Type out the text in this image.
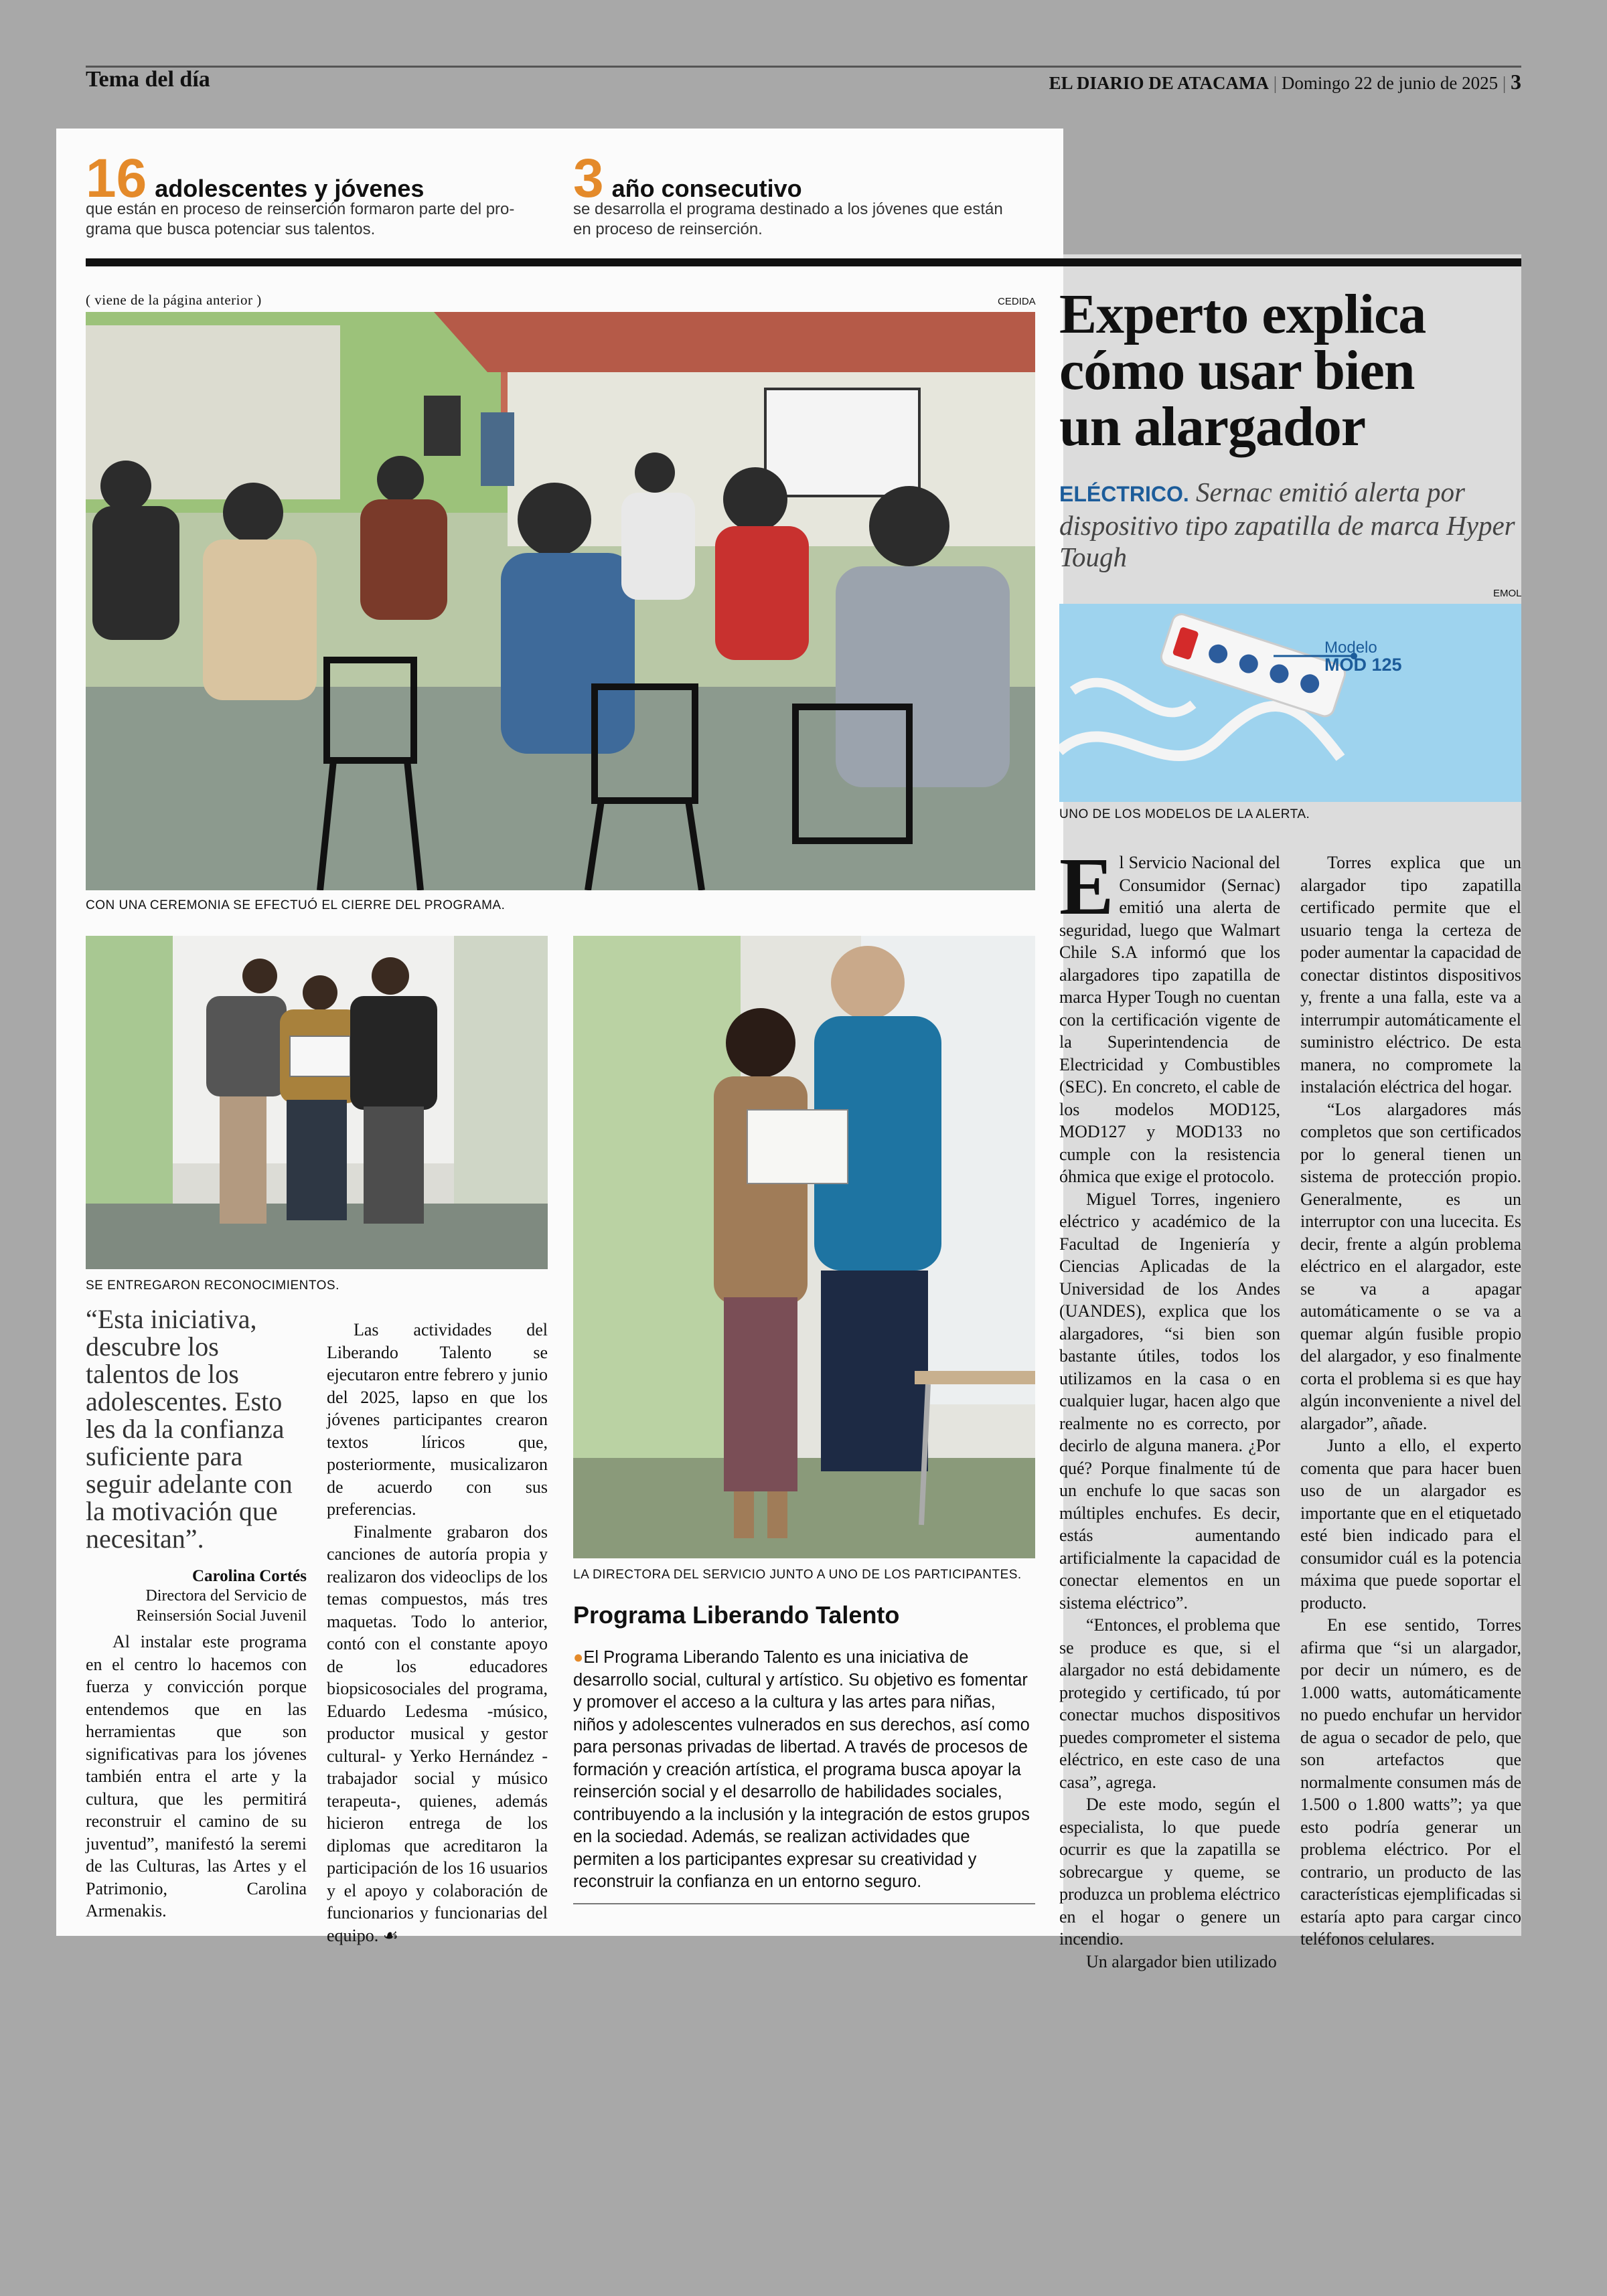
Tema del día	EL DIARIO DE ATACAMA | Domingo 22 de junio de 2025 | 3
16 adolescentes y jóvenes
que están en proceso de reinserción formaron parte del pro-
grama que busca potenciar sus talentos.
3 año consecutivo
se desarrolla el programa destinado a los jóvenes que están
en proceso de reinserción.
( viene de la página anterior )	CEDIDA
CON UNA CEREMONIA SE EFECTUÓ EL CIERRE DEL PROGRAMA.
SE ENTREGARON RECONOCIMIENTOS.
LA DIRECTORA DEL SERVICIO JUNTO A UNO DE LOS PARTICIPANTES.
“Esta iniciativa, descubre los talentos de los adolescentes. Esto les da la confianza suficiente para seguir adelante con la motivación que necesitan”.
Carolina Cortés
Directora del Servicio de
Reinsersión Social Juvenil

Al instalar este programa en el centro lo hacemos con fuerza y convicción porque entendemos que en las herramientas que son significativas para los jóvenes también entra el arte y la cultura, que les permitirá reconstruir el camino de su juventud”, manifestó la seremi de las Culturas, las Artes y el Patrimonio, Carolina Armenakis.

Las actividades del Liberando Talento se ejecutaron entre febrero y junio del 2025, lapso en que los jóvenes participantes crearon textos líricos que, posteriormente, musicalizaron de acuerdo con sus preferencias.

Finalmente grabaron dos canciones de autoría propia y realizaron dos videoclips de los temas compuestos, más tres maquetas. Todo lo anterior, contó con el constante apoyo de los educadores biopsicosociales del programa, Eduardo Ledesma -músico, productor musical y gestor cultural- y Yerko Hernández -trabajador social y músico terapeuta-, quienes, además hicieron entrega de los diplomas que acreditaron la participación de los 16 usuarios y el apoyo y colaboración de funcionarios y funcionarias del equipo. ☙

Programa Liberando Talento
●El Programa Liberando Talento es una iniciativa de desarrollo social, cultural y artístico. Su objetivo es fomentar y promover el acceso a la cultura y las artes para niñas, niños y adolescentes vulnerados en sus derechos, así como para personas privadas de libertad. A través de procesos de formación y creación artística, el programa busca apoyar la reinserción social y el desarrollo de habilidades sociales, contribuyendo a la inclusión y la integración de estos grupos en la sociedad. Además, se realizan actividades que permiten a los participantes expresar su creatividad y reconstruir la confianza en un entorno seguro.
Experto explica
cómo usar bien
un alargador
ELÉCTRICO. Sernac emitió alerta por dispositivo tipo zapatilla de marca Hyper Tough
EMOL
Modelo
MOD 125
UNO DE LOS MODELOS DE LA ALERTA.

El Servicio Nacional del Consumidor (Sernac) emitió una alerta de seguridad, luego que Walmart Chile S.A informó que los alargadores tipo zapatilla de marca Hyper Tough no cuentan con la certificación vigente de la Superintendencia de Electricidad y Combustibles (SEC). En concreto, el cable de los modelos MOD125, MOD127 y MOD133 no cumple con la resistencia óhmica que exige el protocolo.

Miguel Torres, ingeniero eléctrico y académico de la Facultad de Ingeniería y Ciencias Aplicadas de la Universidad de los Andes (UANDES), explica que los alargadores, “si bien son bastante útiles, todos los utilizamos en la casa o en cualquier lugar, hacen algo que realmente no es correcto, por decirlo de alguna manera. ¿Por qué? Porque finalmente tú de un enchufe lo que sacas son múltiples enchufes. Es decir, estás aumentando artificialmente la capacidad de conectar elementos en un sistema eléctrico”.

“Entonces, el problema que se produce es que, si el alargador no está debidamente protegido y certificado, tú por conectar muchos dispositivos puedes comprometer el sistema eléctrico, en este caso de una casa”, agrega.

De este modo, según el especialista, lo que puede ocurrir es que la zapatilla se sobrecargue y queme, se produzca un problema eléctrico en el hogar o genere un incendio.

Un alargador bien utilizado

Torres explica que un alargador tipo zapatilla certificado permite que el usuario tenga la certeza de poder aumentar la capacidad de conectar distintos dispositivos y, frente a una falla, este va a interrumpir automáticamente el suministro eléctrico. De esta manera, no compromete la instalación eléctrica del hogar.

“Los alargadores más completos que son certificados por lo general tienen un sistema de protección propio. Generalmente, es un interruptor con una lucecita. Es decir, frente a algún problema eléctrico en el alargador, este se va a apagar automáticamente o se va a quemar algún fusible propio del alargador, y eso finalmente corta el problema si es que hay algún inconveniente a nivel del alargador”, añade.

Junto a ello, el experto comenta que para hacer buen uso de un alargador es importante que en el etiquetado esté bien indicado para el consumidor cuál es la potencia máxima que puede soportar el producto.

En ese sentido, Torres afirma que “si un alargador, por decir un número, es de 1.000 watts, automáticamente no puedo enchufar un hervidor de agua o secador de pelo, que son artefactos que normalmente consumen más de 1.500 o 1.800 watts”; ya que esto podría generar un problema eléctrico. Por el contrario, un producto de las características ejemplificadas si estaría apto para cargar cinco teléfonos celulares.
